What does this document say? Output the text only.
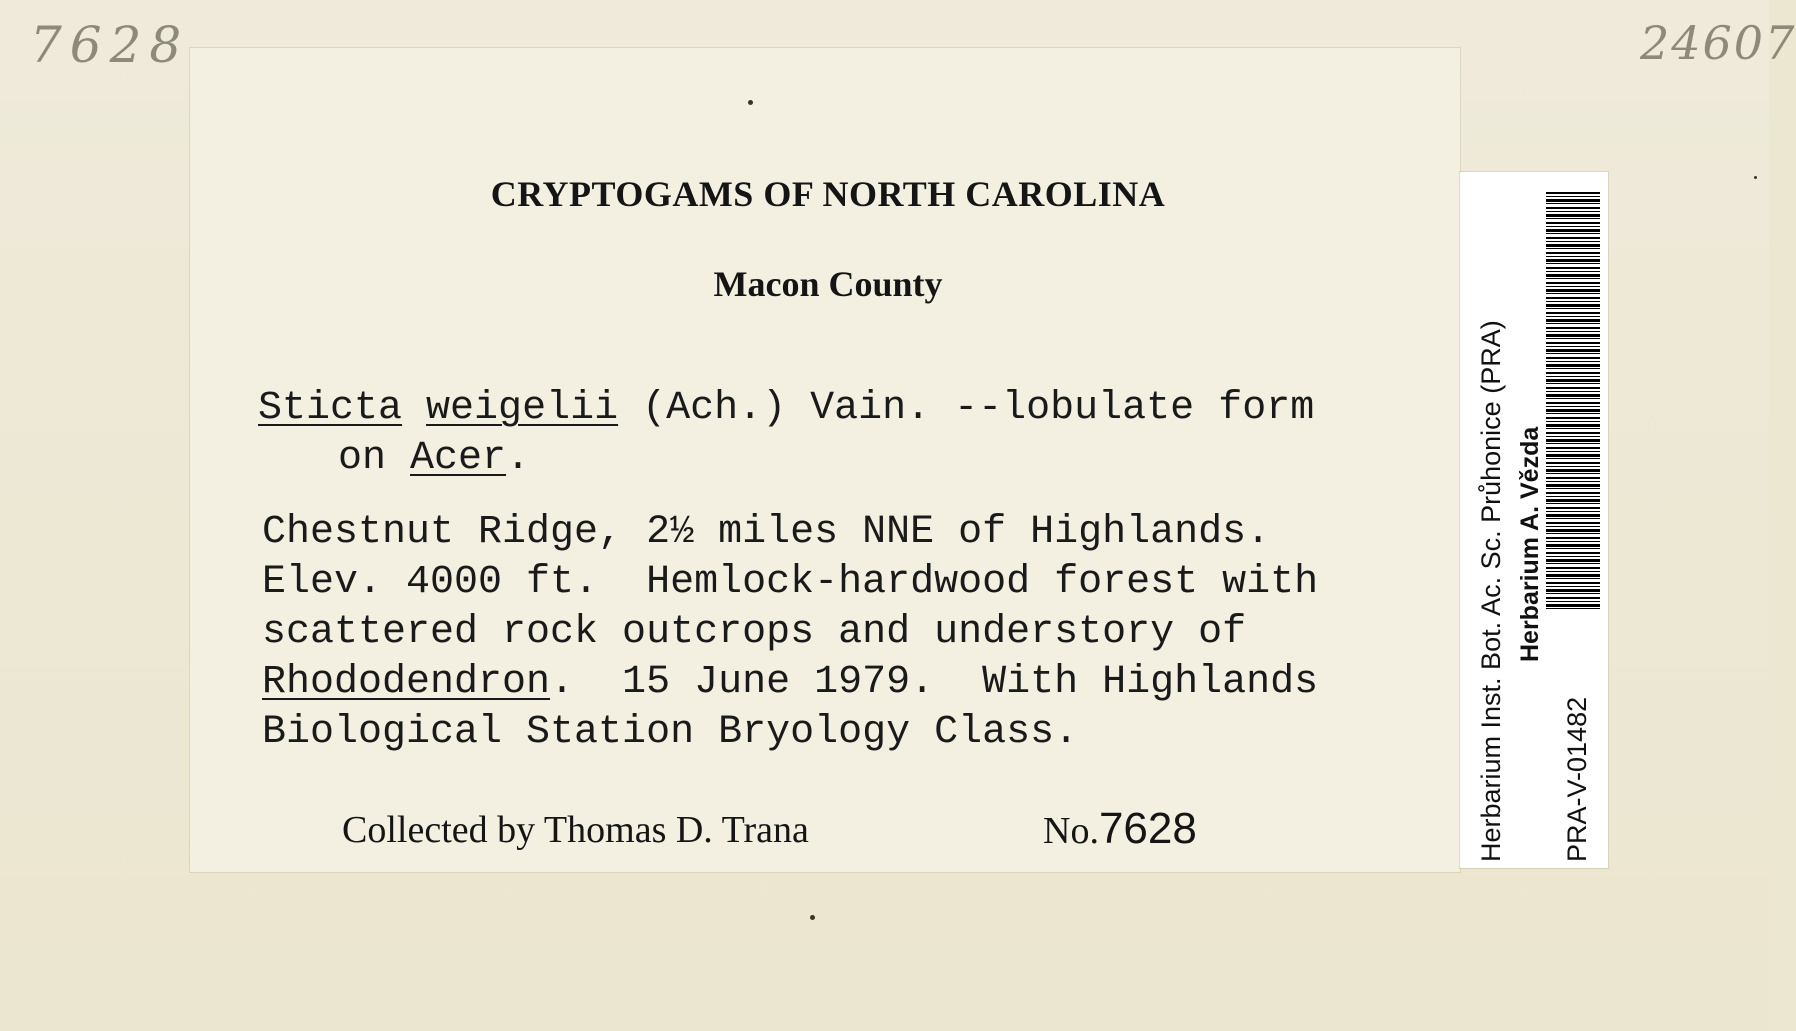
7628	24607
CRYPTOGAMS OF NORTH CAROLINA
Macon County
Sticta weigelii (Ach.) Vain. --lobulate form
on Acer.
Chestnut Ridge, 2½ miles NNE of Highlands.
Elev. 4000 ft.  Hemlock-hardwood forest with
scattered rock outcrops and understory of
Rhododendron.  15 June 1979.  With Highlands
Biological Station Bryology Class.
Collected by Thomas D. Trana	No.7628	Herbarium Inst. Bot. Ac. Sc. Průhonice (PRA) Herbarium A. Vězda
PRA-V-01482
